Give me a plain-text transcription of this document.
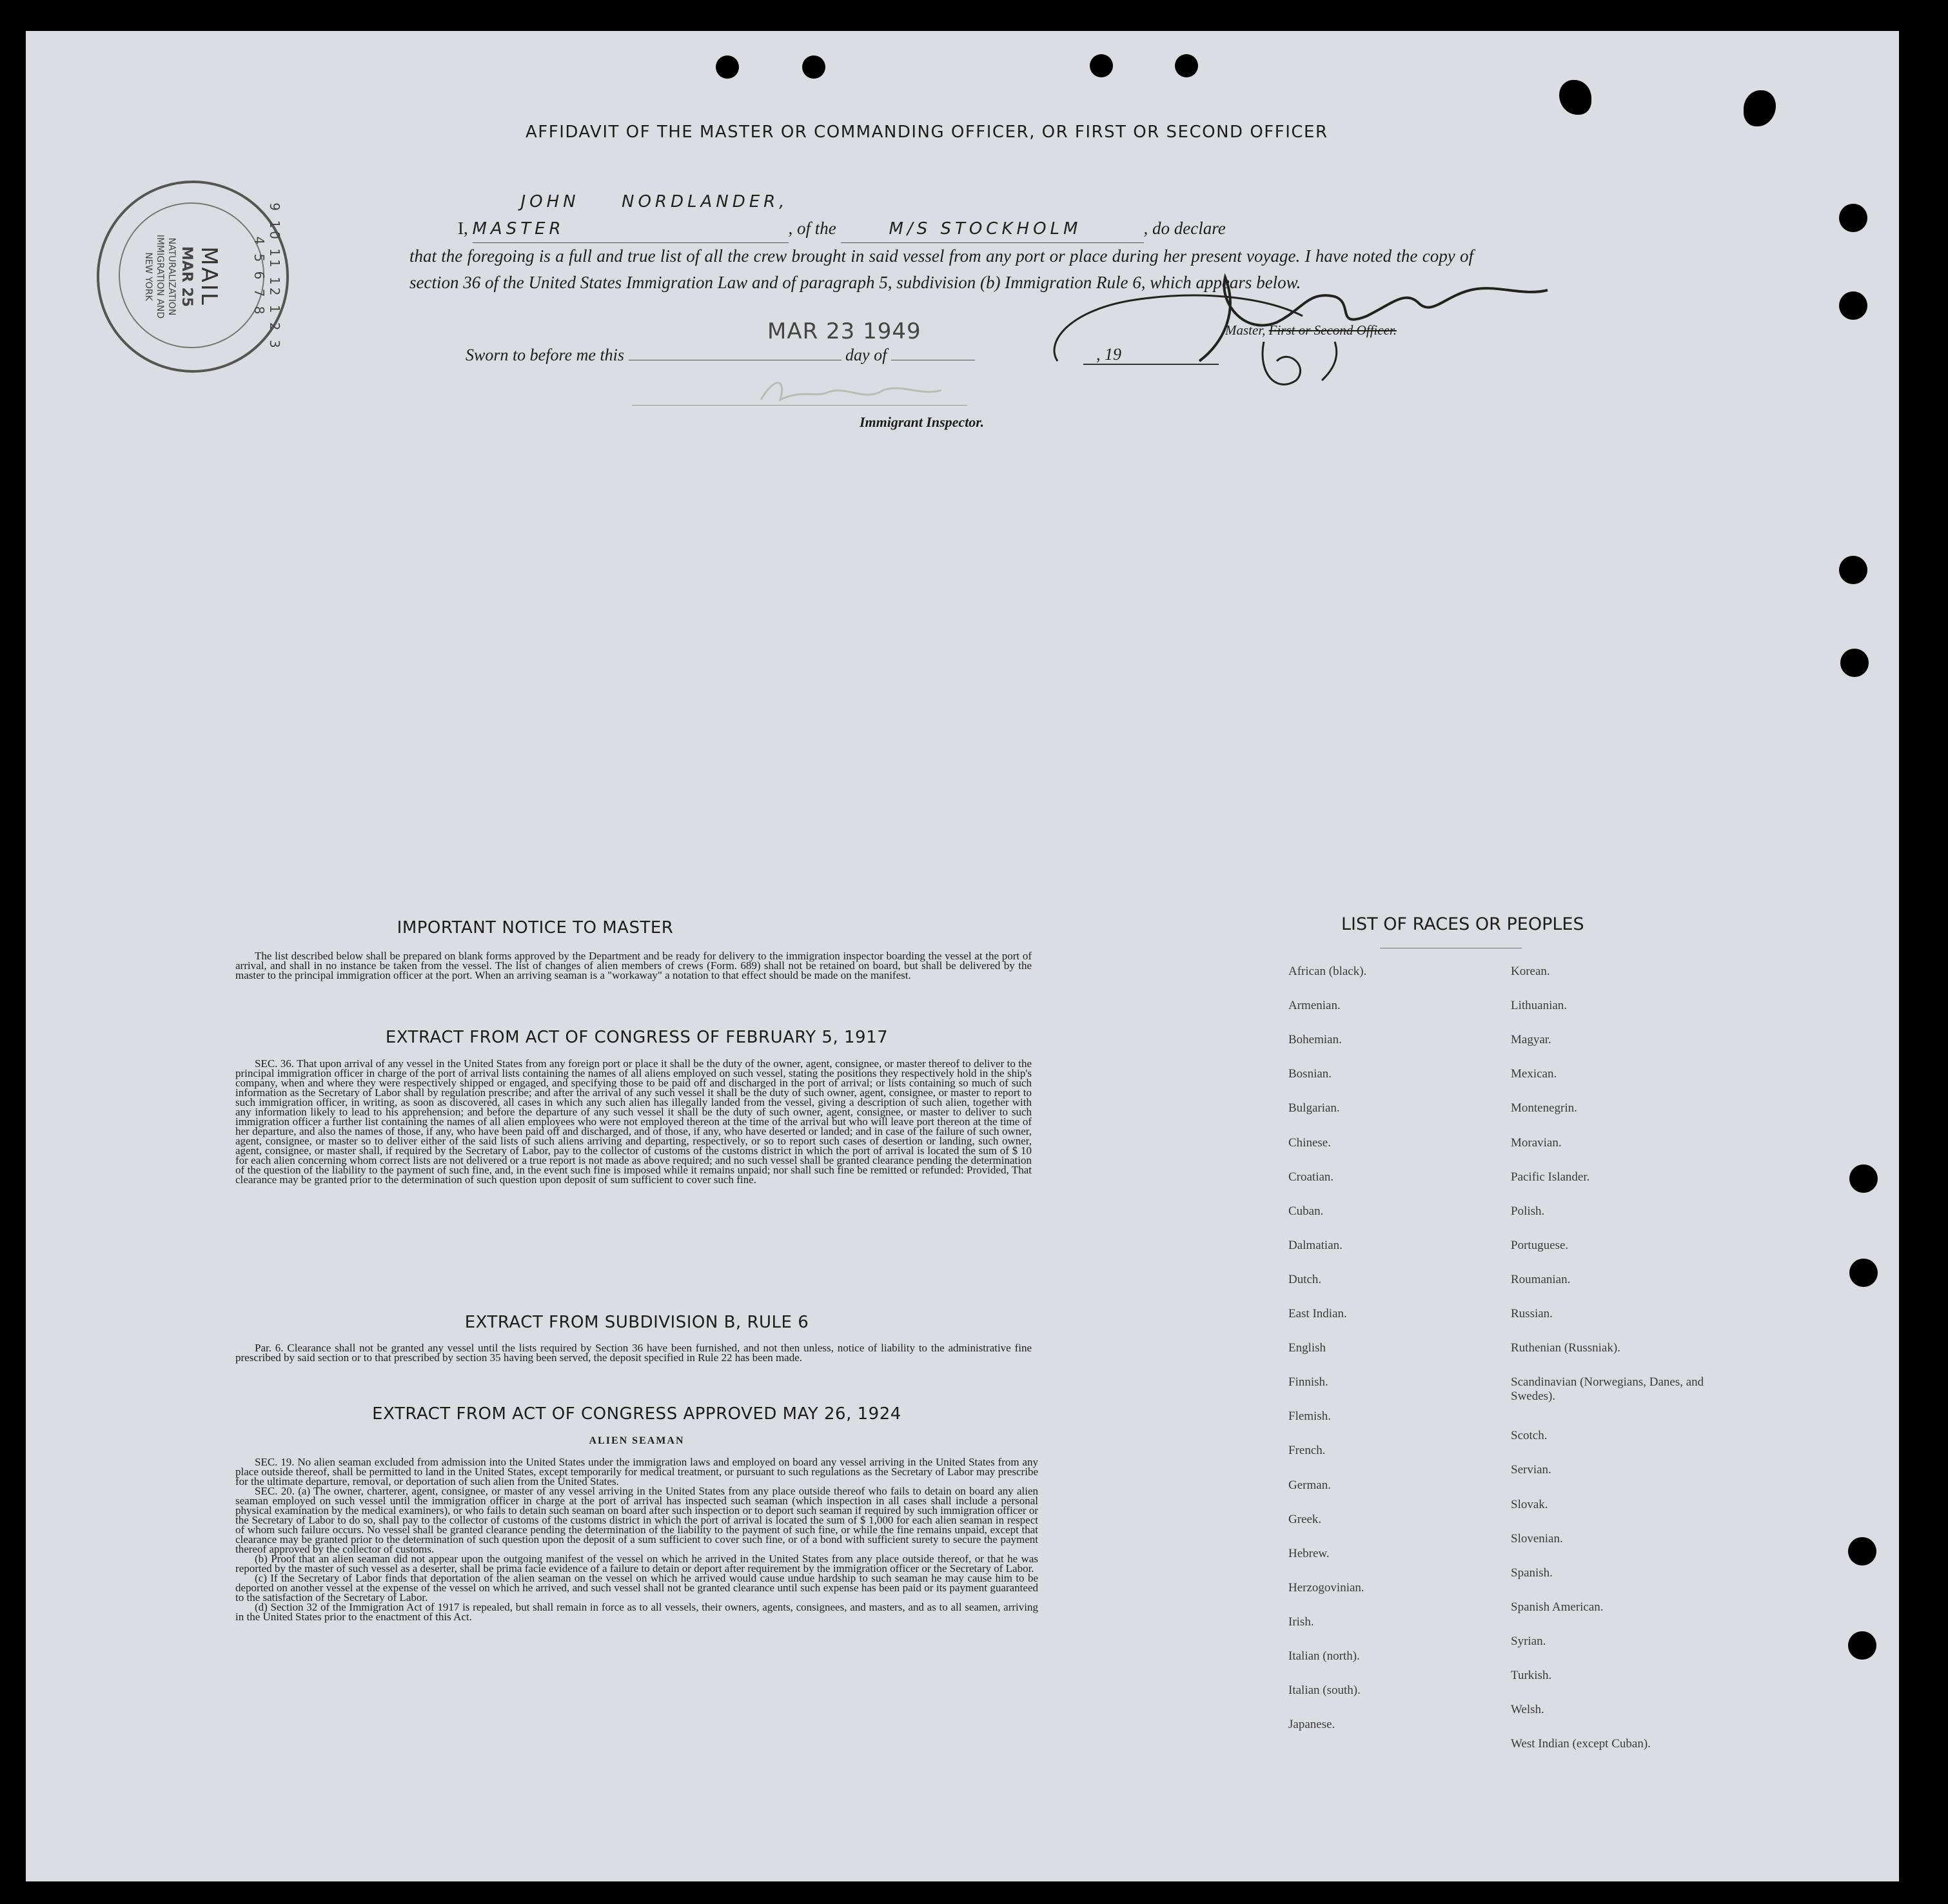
9 10 11 12 1 2 3 4 5 6 7 8
MAIL
MAR 25
NATURALIZATION
IMMIGRATION AND
NEW YORK
AFFIDAVIT OF THE MASTER OR COMMANDING OFFICER, OR FIRST OR SECOND OFFICER
I, JOHN NORDLANDER, MASTER	, of the	M/S STOCKHOLM	, do declare
that the foregoing is a full and true list of all the crew brought in said vessel from any port or place during her present voyage. I have noted the copy of section 36 of the United States Immigration Law and of paragraph 5, subdivision (b) Immigration Rule 6, which appears below.
MAR 23 1949
Sworn to before me this	day of	, 19
Master, First or Second Officer.
Immigrant Inspector.
IMPORTANT NOTICE TO MASTER
The list described below shall be prepared on blank forms approved by the Department and be ready for delivery to the immigration inspector boarding the vessel at the port of arrival, and shall in no instance be taken from the vessel. The list of changes of alien members of crews (Form. 689) shall not be retained on board, but shall be delivered by the master to the principal immigration officer at the port. When an arriving seaman is a "workaway" a notation to that effect should be made on the manifest.
EXTRACT FROM ACT OF CONGRESS OF FEBRUARY 5, 1917
SEC. 36. That upon arrival of any vessel in the United States from any foreign port or place it shall be the duty of the owner, agent, consignee, or master thereof to deliver to the principal immigration officer in charge of the port of arrival lists containing the names of all aliens employed on such vessel, stating the positions they respectively hold in the ship's company, when and where they were respectively shipped or engaged, and specifying those to be paid off and discharged in the port of arrival; or lists containing so much of such information as the Secretary of Labor shall by regulation prescribe; and after the arrival of any such vessel it shall be the duty of such owner, agent, consignee, or master to report to such immigration officer, in writing, as soon as discovered, all cases in which any such alien has illegally landed from the vessel, giving a description of such alien, together with any information likely to lead to his apprehension; and before the departure of any such vessel it shall be the duty of such owner, agent, consignee, or master to deliver to such immigration officer a further list containing the names of all alien employees who were not employed thereon at the time of the arrival but who will leave port thereon at the time of her departure, and also the names of those, if any, who have been paid off and discharged, and of those, if any, who have deserted or landed; and in case of the failure of such owner, agent, consignee, or master so to deliver either of the said lists of such aliens arriving and departing, respectively, or so to report such cases of desertion or landing, such owner, agent, consignee, or master shall, if required by the Secretary of Labor, pay to the collector of customs of the customs district in which the port of arrival is located the sum of $ 10 for each alien concerning whom correct lists are not delivered or a true report is not made as above required; and no such vessel shall be granted clearance pending the determination of the question of the liability to the payment of such fine, and, in the event such fine is imposed while it remains unpaid; nor shall such fine be remitted or refunded: Provided, That clearance may be granted prior to the determination of such question upon deposit of sum sufficient to cover such fine.
EXTRACT FROM SUBDIVISION B, RULE 6
Par. 6. Clearance shall not be granted any vessel until the lists required by Section 36 have been furnished, and not then unless, notice of liability to the administrative fine prescribed by said section or to that prescribed by section 35 having been served, the deposit specified in Rule 22 has been made.
EXTRACT FROM ACT OF CONGRESS APPROVED MAY 26, 1924
ALIEN SEAMAN

SEC. 19. No alien seaman excluded from admission into the United States under the immigration laws and employed on board any vessel arriving in the United States from any place outside thereof, shall be permitted to land in the United States, except temporarily for medical treatment, or pursuant to such regulations as the Secretary of Labor may prescribe for the ultimate departure, removal, or deportation of such alien from the United States.

SEC. 20. (a) The owner, charterer, agent, consignee, or master of any vessel arriving in the United States from any place outside thereof who fails to detain on board any alien seaman employed on such vessel until the immigration officer in charge at the port of arrival has inspected such seaman (which inspection in all cases shall include a personal physical examination by the medical examiners), or who fails to detain such seaman on board after such inspection or to deport such seaman if required by such immigration officer or the Secretary of Labor to do so, shall pay to the collector of customs of the customs district in which the port of arrival is located the sum of $ 1,000 for each alien seaman in respect of whom such failure occurs. No vessel shall be granted clearance pending the determination of the liability to the payment of such fine, or while the fine remains unpaid, except that clearance may be granted prior to the determination of such question upon the deposit of a sum sufficient to cover such fine, or of a bond with sufficient surety to secure the payment thereof approved by the collector of customs.

(b) Proof that an alien seaman did not appear upon the outgoing manifest of the vessel on which he arrived in the United States from any place outside thereof, or that he was reported by the master of such vessel as a deserter, shall be prima facie evidence of a failure to detain or deport after requirement by the immigration officer or the Secretary of Labor.

(c) If the Secretary of Labor finds that deportation of the alien seaman on the vessel on which he arrived would cause undue hardship to such seaman he may cause him to be deported on another vessel at the expense of the vessel on which he arrived, and such vessel shall not be granted clearance until such expense has been paid or its payment guaranteed to the satisfaction of the Secretary of Labor.

(d) Section 32 of the Immigration Act of 1917 is repealed, but shall remain in force as to all vessels, their owners, agents, consignees, and masters, and as to all seamen, arriving in the United States prior to the enactment of this Act.

LIST OF RACES OR PEOPLES
African (black).
Armenian.
Bohemian.
Bosnian.
Bulgarian.
Chinese.
Croatian.
Cuban.
Dalmatian.
Dutch.
East Indian.
English
Finnish.
Flemish.
French.
German.
Greek.
Hebrew.
Herzogovinian.
Irish.
Italian (north).
Italian (south).
Japanese.
Korean.
Lithuanian.
Magyar.
Mexican.
Montenegrin.
Moravian.
Pacific Islander.
Polish.
Portuguese.
Roumanian.
Russian.
Ruthenian (Russniak).
Scandinavian (Norwegians, Danes, and Swedes).
Scotch.
Servian.
Slovak.
Slovenian.
Spanish.
Spanish American.
Syrian.
Turkish.
Welsh.
West Indian (except Cuban).
